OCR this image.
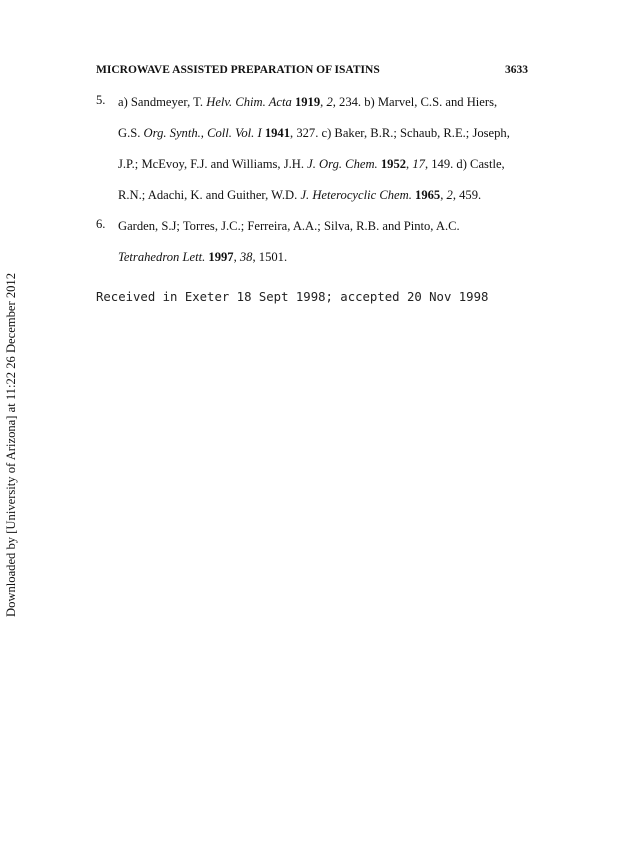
MICROWAVE ASSISTED PREPARATION OF ISATINS	3633
5. a) Sandmeyer, T. Helv. Chim. Acta 1919, 2, 234. b) Marvel, C.S. and Hiers,
G.S. Org. Synth., Coll. Vol. I 1941, 327. c) Baker, B.R.; Schaub, R.E.; Joseph,
J.P.; McEvoy, F.J. and Williams, J.H. J. Org. Chem. 1952, 17, 149. d) Castle,
R.N.; Adachi, K. and Guither, W.D. J. Heterocyclic Chem. 1965, 2, 459.
6. Garden, S.J; Torres, J.C.; Ferreira, A.A.; Silva, R.B. and Pinto, A.C.
Tetrahedron Lett. 1997, 38, 1501.
Received in Exeter 18 Sept 1998; accepted 20 Nov 1998
Downloaded by [University of Arizona] at 11:22 26 December 2012
